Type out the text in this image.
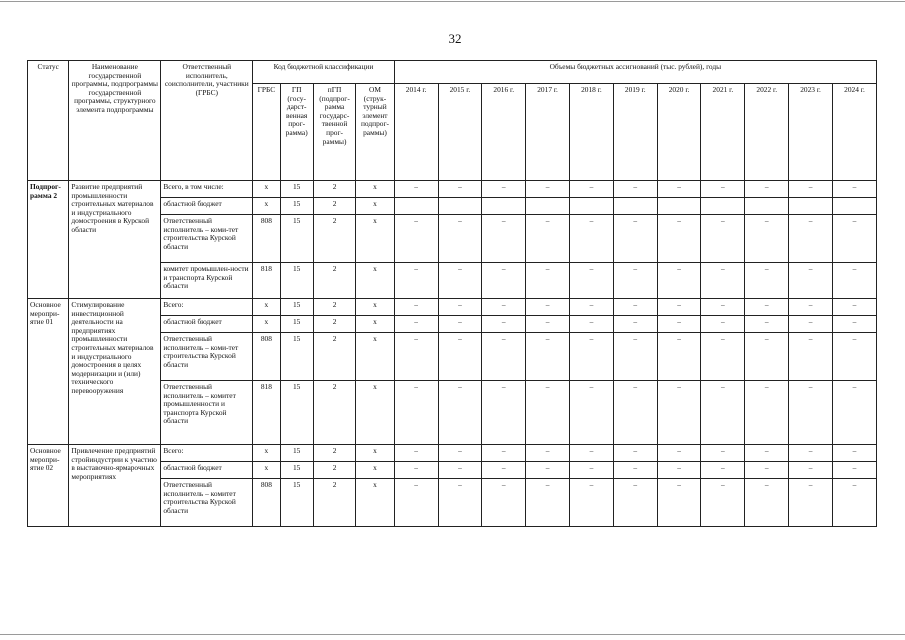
32
Статус	Наименование государственной программы, подпрограммы государственной программы, структурного элемента подпрограммы	Ответственный исполнитель, соисполнители, участники (ГРБС)	Код бюджетной классификации				Объемы бюджетных ассигнований (тыс. рублей), годы										
			ГРБС	ГП (госу-дарст-венная прог-рамма)	пГП (подпрог-рамма государс-твенной прог-раммы)	ОМ (струк-турный элемент подпрог-раммы)	2014 г.	2015 г.	2016 г.	2017 г.	2018 г.	2019 г.	2020 г.	2021 г.	2022 г.	2023 г.	2024 г.
Подпрог-рамма 2	Развитие предприятий промышленности строительных материалов и индустриального домостроения в Курской области	Всего, в том числе:	х	15	2	х	–	–	–	–	–	–	–	–	–	–	–
		областной бюджет	х	15	2	х											
		Ответственный исполнитель – коми-тет строительства Курской области	808	15	2	х	–	–	–	–	–	–	–	–	–	–	–
		комитет промышлен-ности и транспорта Курской области	818	15	2	х	–	–	–	–	–	–	–	–	–	–	–
Основное меропри-ятие 01	Стимулирование инвестиционной деятельности на предприятиях промышленности строительных материалов и индустриального домостроения в целях модернизации и (или) технического перевооружения	Всего:	х	15	2	х	–	–	–	–	–	–	–	–	–	–	–
		областной бюджет	х	15	2	х	–	–	–	–	–	–	–	–	–	–	–
		Ответственный исполнитель – коми-тет строительства Курской области	808	15	2	х	–	–	–	–	–	–	–	–	–	–	–
		Ответственный исполнитель – комитет промышленности и транспорта Курской области	818	15	2	х	–	–	–	–	–	–	–	–	–	–	–
Основное меропри-ятие 02	Привлечение предприятий стройиндустрии к участию в выставочно-ярмарочных мероприятиях	Всего:	х	15	2	х	–	–	–	–	–	–	–	–	–	–	–
		областной бюджет	х	15	2	х	–	–	–	–	–	–	–	–	–	–	–
		Ответственный исполнитель – комитет строительства Курской области	808	15	2	х	–	–	–	–	–	–	–	–	–	–	–
